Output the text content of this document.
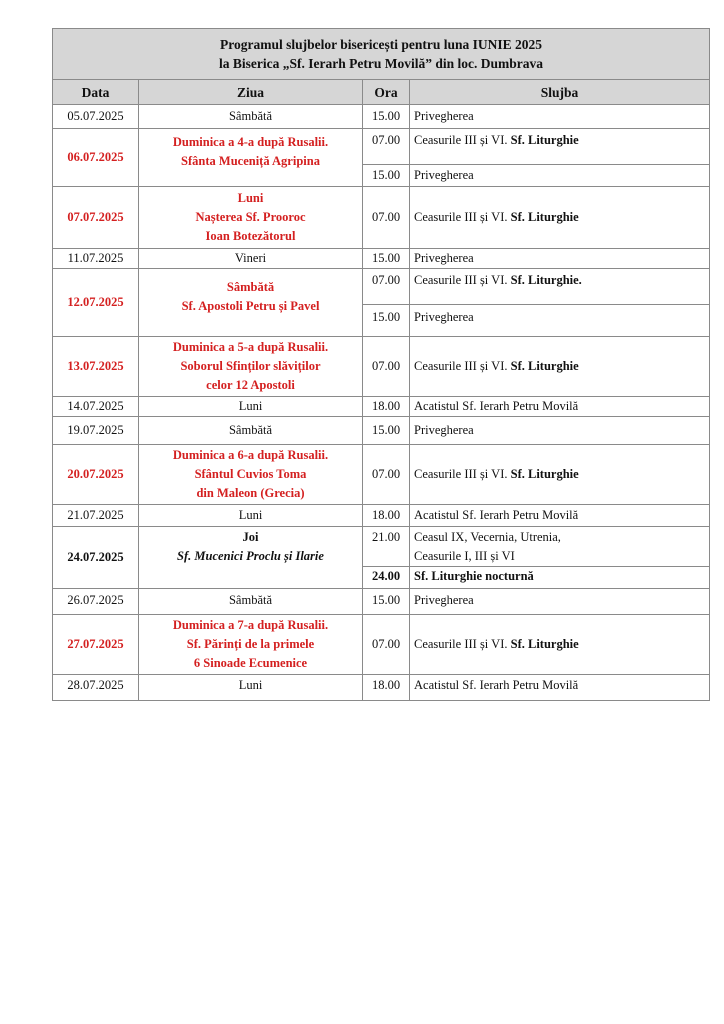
Programul slujbelor bisericești pentru luna IUNIE 2025
la Biserica „Sf. Ierarh Petru Movilă” din loc. Dumbrava			

Data	Ziua	Ora	Slujba
05.07.2025	Sâmbătă	15.00	Privegherea
06.07.2025	Duminica a 4-a după Rusalii.
Sfânta Muceniță Agripina	07.00	Ceasurile III și VI. Sf. Liturghie
		15.00	Privegherea
07.07.2025	Luni
Nașterea Sf. Prooroc
Ioan Botezătorul	07.00	Ceasurile III și VI. Sf. Liturghie
11.07.2025	Vineri	15.00	Privegherea
12.07.2025	Sâmbătă
Sf. Apostoli Petru și Pavel	07.00	Ceasurile III și VI. Sf. Liturghie.
		15.00	Privegherea
13.07.2025	Duminica a 5-a după Rusalii.
Soborul Sfinților slăviților
celor 12 Apostoli	07.00	Ceasurile III și VI. Sf. Liturghie
14.07.2025	Luni	18.00	Acatistul Sf. Ierarh Petru Movilă
19.07.2025	Sâmbătă	15.00	Privegherea
20.07.2025	Duminica a 6-a după Rusalii.
Sfântul Cuvios Toma
din Maleon (Grecia)	07.00	Ceasurile III și VI. Sf. Liturghie
21.07.2025	Luni	18.00	Acatistul Sf. Ierarh Petru Movilă
24.07.2025	Joi
Sf. Mucenici Proclu și Ilarie	21.00	Ceasul IX, Vecernia, Utrenia,
Ceasurile I, III și VI

		24.00	Sf. Liturghie nocturnă
26.07.2025	Sâmbătă	15.00	Privegherea
27.07.2025	Duminica a 7-a după Rusalii.
Sf. Părinți de la primele
6 Sinoade Ecumenice	07.00	Ceasurile III și VI. Sf. Liturghie
28.07.2025	Luni	18.00	Acatistul Sf. Ierarh Petru Movilă
